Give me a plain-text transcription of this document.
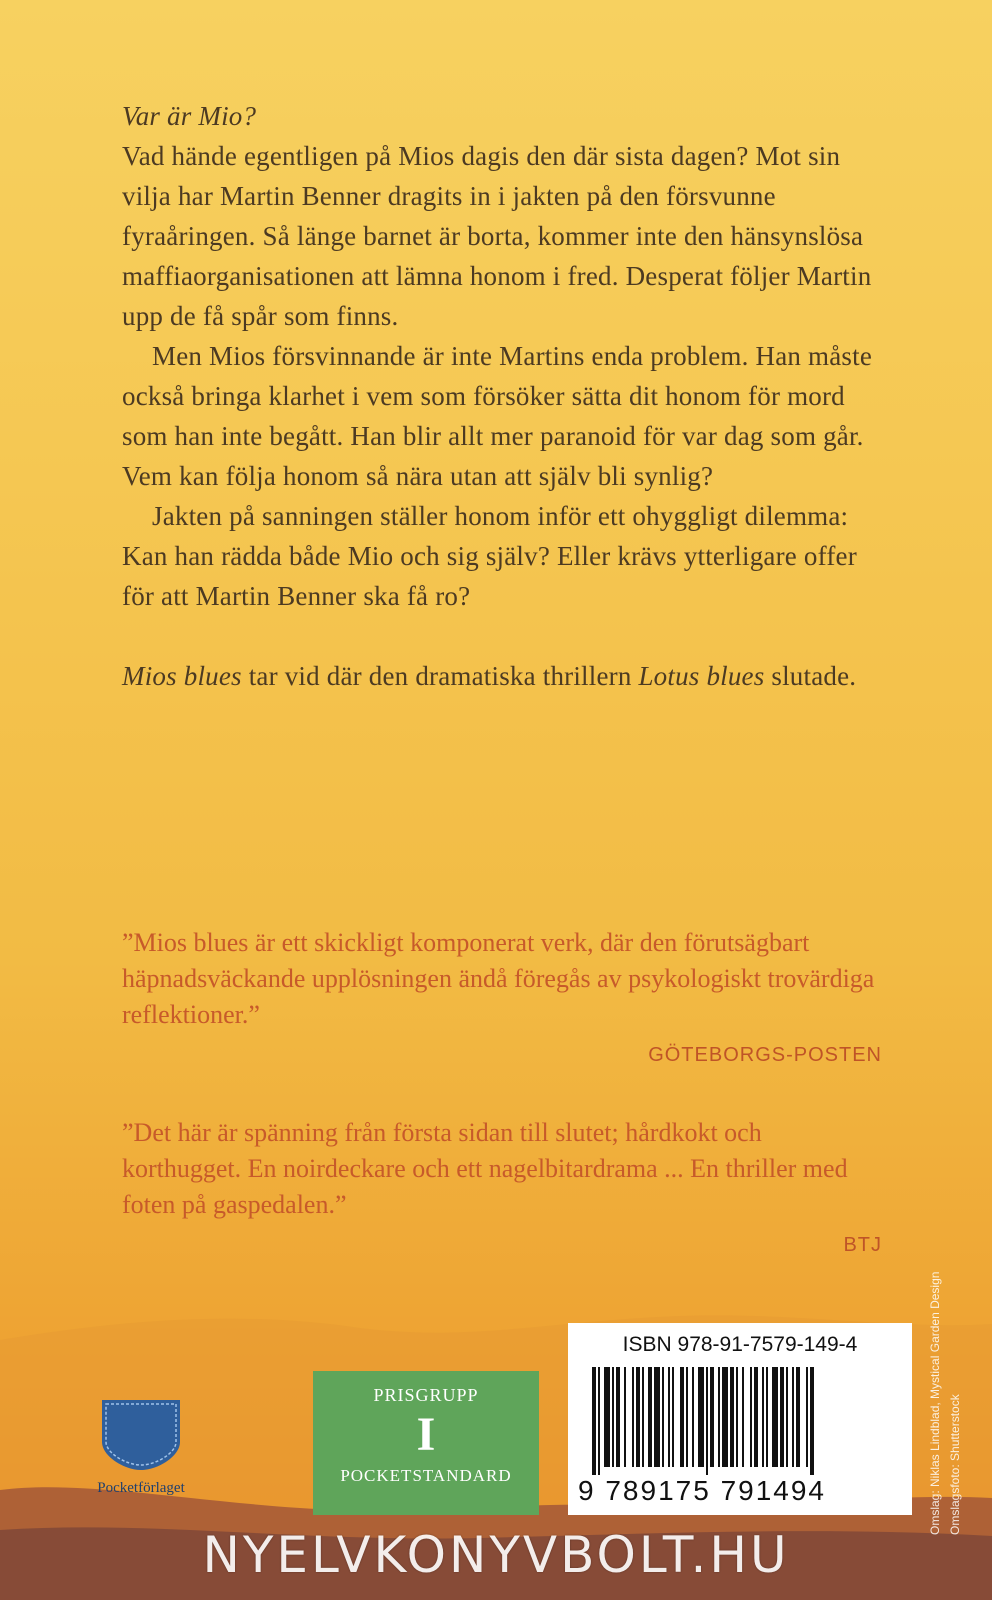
Var är Mio?

Vad hände egentligen på Mios dagis den där sista dagen? Mot sin vilja har Martin Benner dragits in i jakten på den försvunne fyraåringen. Så länge barnet är borta, kommer inte den hänsynslösa maffiaorganisationen att lämna honom i fred. Desperat följer Martin upp de få spår som finns.

Men Mios försvinnande är inte Martins enda problem. Han måste också bringa klarhet i vem som försöker sätta dit honom för mord som han inte begått. Han blir allt mer paranoid för var dag som går. Vem kan följa honom så nära utan att själv bli synlig?

Jakten på sanningen ställer honom inför ett ohyggligt dilemma: Kan han rädda både Mio och sig själv? Eller krävs ytterligare offer för att Martin Benner ska få ro?

Mios blues tar vid där den dramatiska thrillern Lotus blues slutade.

”Mios blues är ett skickligt komponerat verk, där den förutsägbart häpnadsväckande upplösningen ändå föregås av psykologiskt trovärdiga reflektioner.”
GÖTEBORGS-POSTEN
”Det här är spänning från första sidan till slutet; hårdkokt och korthugget. En noirdeckare och ett nagelbitardrama ... En thriller med foten på gaspedalen.”
BTJ
Pocketförlaget
PRISGRUPP
I
POCKETSTANDARD
ISBN 978-91-7579-149-4
9 789175 791494	Omslag: Niklas Lindblad, Mystical Garden Design Omslagsfoto: Shutterstock
NYELVKONYVBOLT.HU
